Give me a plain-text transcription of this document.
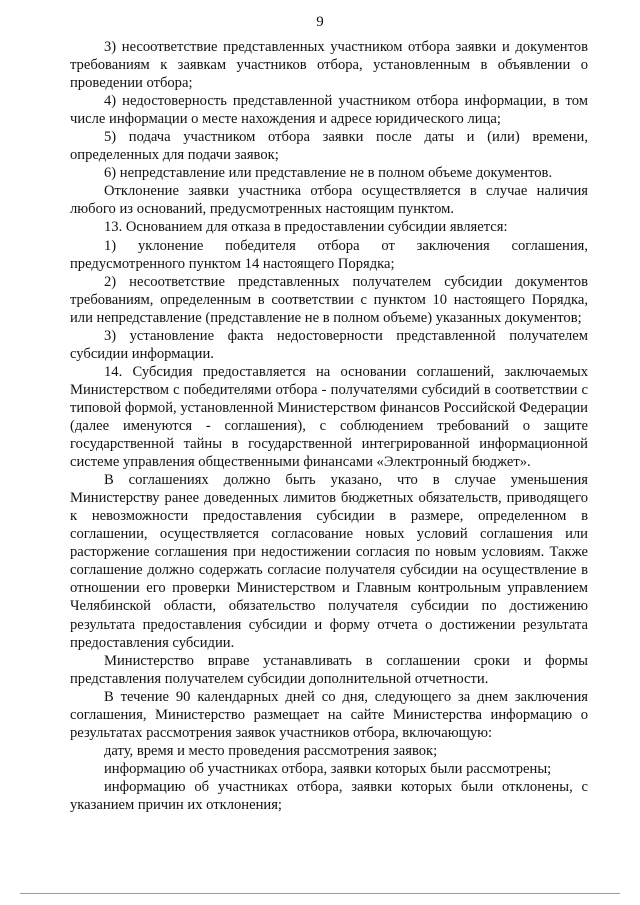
9

3) несоответствие представленных участником отбора заявки и документов требованиям к заявкам участников отбора, установленным в объявлении о проведении отбора;

4) недостоверность представленной участником отбора информации, в том числе информации о месте нахождения и адресе юридического лица;

5) подача участником отбора заявки после даты и (или) времени, определенных для подачи заявок;

6) непредставление или представление не в полном объеме документов.

Отклонение заявки участника отбора осуществляется в случае наличия любого из оснований, предусмотренных настоящим пунктом.

13. Основанием для отказа в предоставлении субсидии является:

1) уклонение победителя отбора от заключения соглашения, предусмотренного пунктом 14 настоящего Порядка;

2) несоответствие представленных получателем субсидии документов требованиям, определенным в соответствии с пунктом 10 настоящего Порядка, или непредставление (представление не в полном объеме) указанных документов;

3) установление факта недостоверности представленной получателем субсидии информации.

14. Субсидия предоставляется на основании соглашений, заключаемых Министерством с победителями отбора - получателями субсидий в соответствии с типовой формой, установленной Министерством финансов Российской Федерации (далее именуются - соглашения), с соблюдением требований о защите государственной тайны в государственной интегрированной информационной системе управления общественными финансами «Электронный бюджет».

В соглашениях должно быть указано, что в случае уменьшения Министерству ранее доведенных лимитов бюджетных обязательств, приводящего к невозможности предоставления субсидии в размере, определенном в соглашении, осуществляется согласование новых условий соглашения или расторжение соглашения при недостижении согласия по новым условиям. Также соглашение должно содержать согласие получателя субсидии на осуществление в отношении его проверки Министерством и Главным контрольным управлением Челябинской области, обязательство получателя субсидии по достижению результата предоставления субсидии и форму отчета о достижении результата предоставления субсидии.

Министерство вправе устанавливать в соглашении сроки и формы представления получателем субсидии дополнительной отчетности.

В течение 90 календарных дней со дня, следующего за днем заключения соглашения, Министерство размещает на сайте Министерства информацию о результатах рассмотрения заявок участников отбора, включающую:

дату, время и место проведения рассмотрения заявок;

информацию об участниках отбора, заявки которых были рассмотрены;

информацию об участниках отбора, заявки которых были отклонены, с указанием причин их отклонения;
